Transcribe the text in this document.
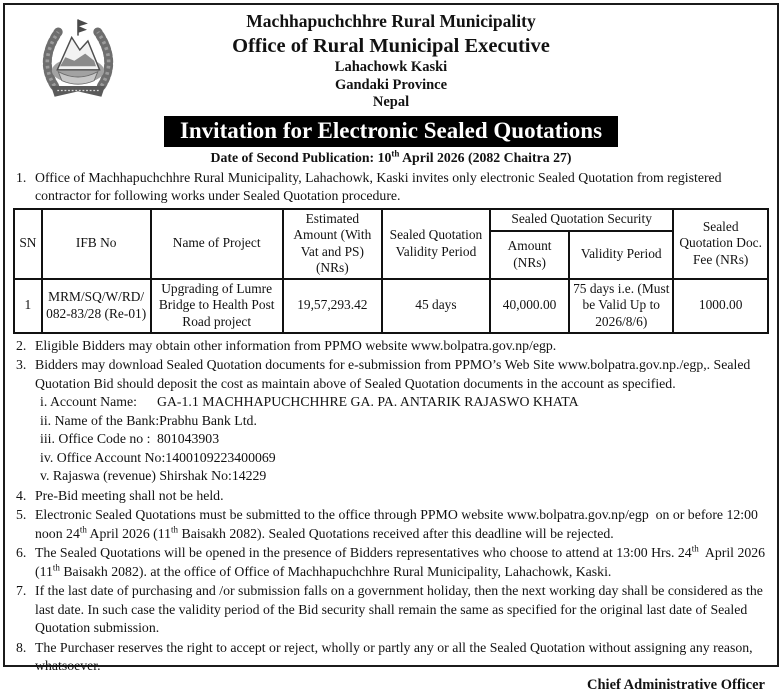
Machhapuchchhre Rural Municipality
Office of Rural Municipal Executive
Lahachowk Kaski
Gandaki Province
Nepal
Invitation for Electronic Sealed Quotations
Date of Second Publication: 10th April 2026 (2082 Chaitra 27)
1. Office of Machhapuchchhre Rural Municipality, Lahachowk, Kaski invites only electronic Sealed Quotation from registered contractor for following works under Sealed Quotation procedure.
SN	IFB No	Name of Project	Estimated Amount (With Vat and PS) (NRs)	Sealed Quotation Validity Period	Sealed Quotation Security		Sealed Quotation Doc. Fee (NRs)
					Amount (NRs)	Validity Period	
1	MRM/SQ/W/RD/ 082-83/28 (Re-01)	Upgrading of Lumre Bridge to Health Post Road project	19,57,293.42	45 days	40,000.00	75 days i.e. (Must be Valid Up to 2026/8/6)	1000.00
2. Eligible Bidders may obtain other information from PPMO website www.bolpatra.gov.np/egp.
3. Bidders may download Sealed Quotation documents for e-submission from PPMO’s Web Site www.bolpatra.gov.np./egp,. Sealed Quotation Bid should deposit the cost as maintain above of Sealed Quotation documents in the account as specified.
i. Account Name: GA-1.1 MACHHAPUCHCHHRE GA. PA. ANTARIK RAJASWO KHATA
ii. Name of the Bank:Prabhu Bank Ltd.
iii. Office Code no : 801043903
iv. Office Account No:1400109223400069
v. Rajaswa (revenue) Shirshak No:14229
4. Pre-Bid meeting shall not be held.
5. Electronic Sealed Quotations must be submitted to the office through PPMO website www.bolpatra.gov.np/egp  on or before 12:00 noon 24th April 2026 (11th Baisakh 2082). Sealed Quotations received after this deadline will be rejected.
6. The Sealed Quotations will be opened in the presence of Bidders representatives who choose to attend at 13:00 Hrs. 24th  April 2026 (11th Baisakh 2082). at the office of Office of Machhapuchchhre Rural Municipality, Lahachowk, Kaski.
7. If the last date of purchasing and /or submission falls on a government holiday, then the next working day shall be considered as the last date. In such case the validity period of the Bid security shall remain the same as specified for the original last date of Sealed Quotation submission.
8. The Purchaser reserves the right to accept or reject, wholly or partly any or all the Sealed Quotation without assigning any reason, whatsoever.
Chief Administrative Officer
